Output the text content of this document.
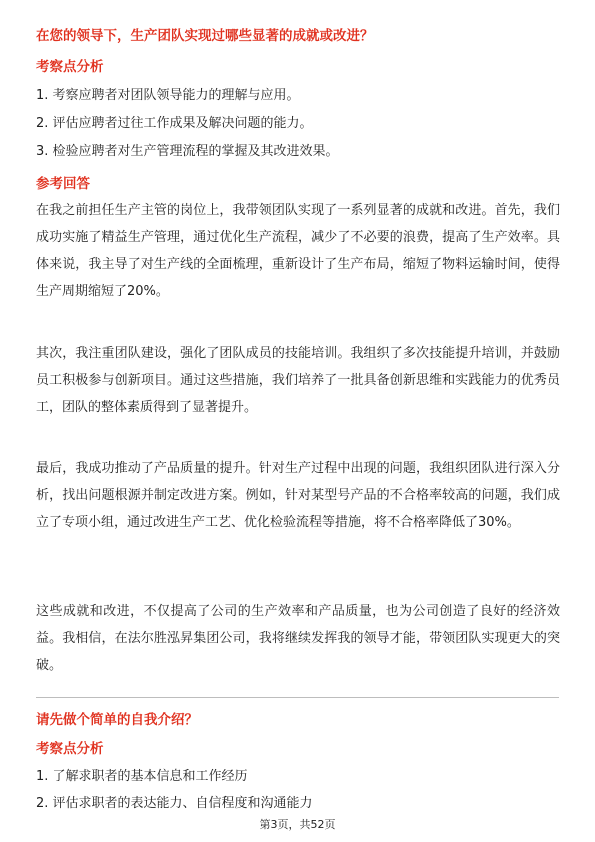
在您的领导下，生产团队实现过哪些显著的成就或改进？
考察点分析
1. 考察应聘者对团队领导能力的理解与应用。
2. 评估应聘者过往工作成果及解决问题的能力。
3. 检验应聘者对生产管理流程的掌握及其改进效果。
参考回答
在我之前担任生产主管的岗位上，我带领团队实现了一系列显著的成就和改进。首先，我们成功实施了精益生产管理，通过优化生产流程，减少了不必要的浪费，提高了生产效率。具体来说，我主导了对生产线的全面梳理，重新设计了生产布局，缩短了物料运输时间，使得生产周期缩短了20%。
其次，我注重团队建设，强化了团队成员的技能培训。我组织了多次技能提升培训，并鼓励员工积极参与创新项目。通过这些措施，我们培养了一批具备创新思维和实践能力的优秀员工，团队的整体素质得到了显著提升。
最后，我成功推动了产品质量的提升。针对生产过程中出现的问题，我组织团队进行深入分析，找出问题根源并制定改进方案。例如，针对某型号产品的不合格率较高的问题，我们成立了专项小组，通过改进生产工艺、优化检验流程等措施，将不合格率降低了30%。
这些成就和改进，不仅提高了公司的生产效率和产品质量，也为公司创造了良好的经济效益。我相信，在法尔胜泓昇集团公司，我将继续发挥我的领导才能，带领团队实现更大的突破。
请先做个简单的自我介绍？
考察点分析
1. 了解求职者的基本信息和工作经历
2. 评估求职者的表达能力、自信程度和沟通能力
第3页，共52页
